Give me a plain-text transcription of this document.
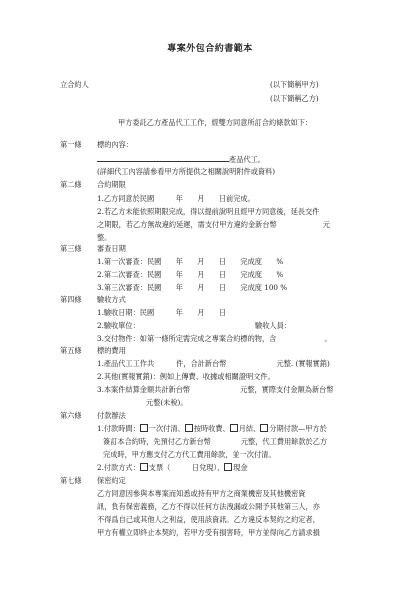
專案外包合約書範本
立合約人	(以下簡稱甲方)
(以下簡稱乙方)
甲方委託乙方產品代工工作，經雙方同意所訂合約條款如下：
第一條 標的內容：
產品代工。
(詳細代工內容請參看甲方所提供之相關說明附件或資料)
第二條 合約期限
1.乙方同意於民國　　　年　　月　　日前完成。
2.若乙方未能依照期限完成，得以提前說明且經甲方同意後，延長交件
之期限，若乙方無故違約延遲，需支付甲方違約金新台幣	元
整。
第三條 審查日期
1.第一次審查：民國　　年　　月　　日　　完成度　　%
2.第二次審查：民國　　年　　月　　日　　完成度　　%
3.第三次審查：民國　　年　　月　　日　　完成度 100 %
第四條 驗收方式
1.驗收日期：民國　　　年　　月　　日
2.驗收單位：	驗收人員：
3.交付物件：如第一條所定需完成之專案合約標的物，含	。
第五條 標的費用
1.產品代工工作共	件，合計新台幣	元整. (實報實銷)
2.其他(實報實銷)：例如上傳費、收據或相關證明文件。
3.本案件結算金額共計新台幣	元整，實際支付金額為新台幣
元整(未稅)。
第六條 付款辦法
1.付款時間： 一次付清、 按時收費、 月結、 分期付款—甲方於
簽訂本合約時，先預付乙方新台幣	元整，代工費用餘款於乙方
完成時，甲方應支付乙方代工費用餘款，並一次付清。
2.付款方式： 支票（　　　日兌現）、 現金
第七條 保密約定
乙方同意因參與本專案而知悉或持有甲方之商業機密及其他機密資
訊，負有保密義務，乙方不得以任何方法洩漏或公開予其他第三人，亦
不得爲自己或其他人之利益，使用該資訊。乙方違反本契約之約定者，
甲方有權立即終止本契約，若甲方受有損害時，甲方並得向乙方請求損
